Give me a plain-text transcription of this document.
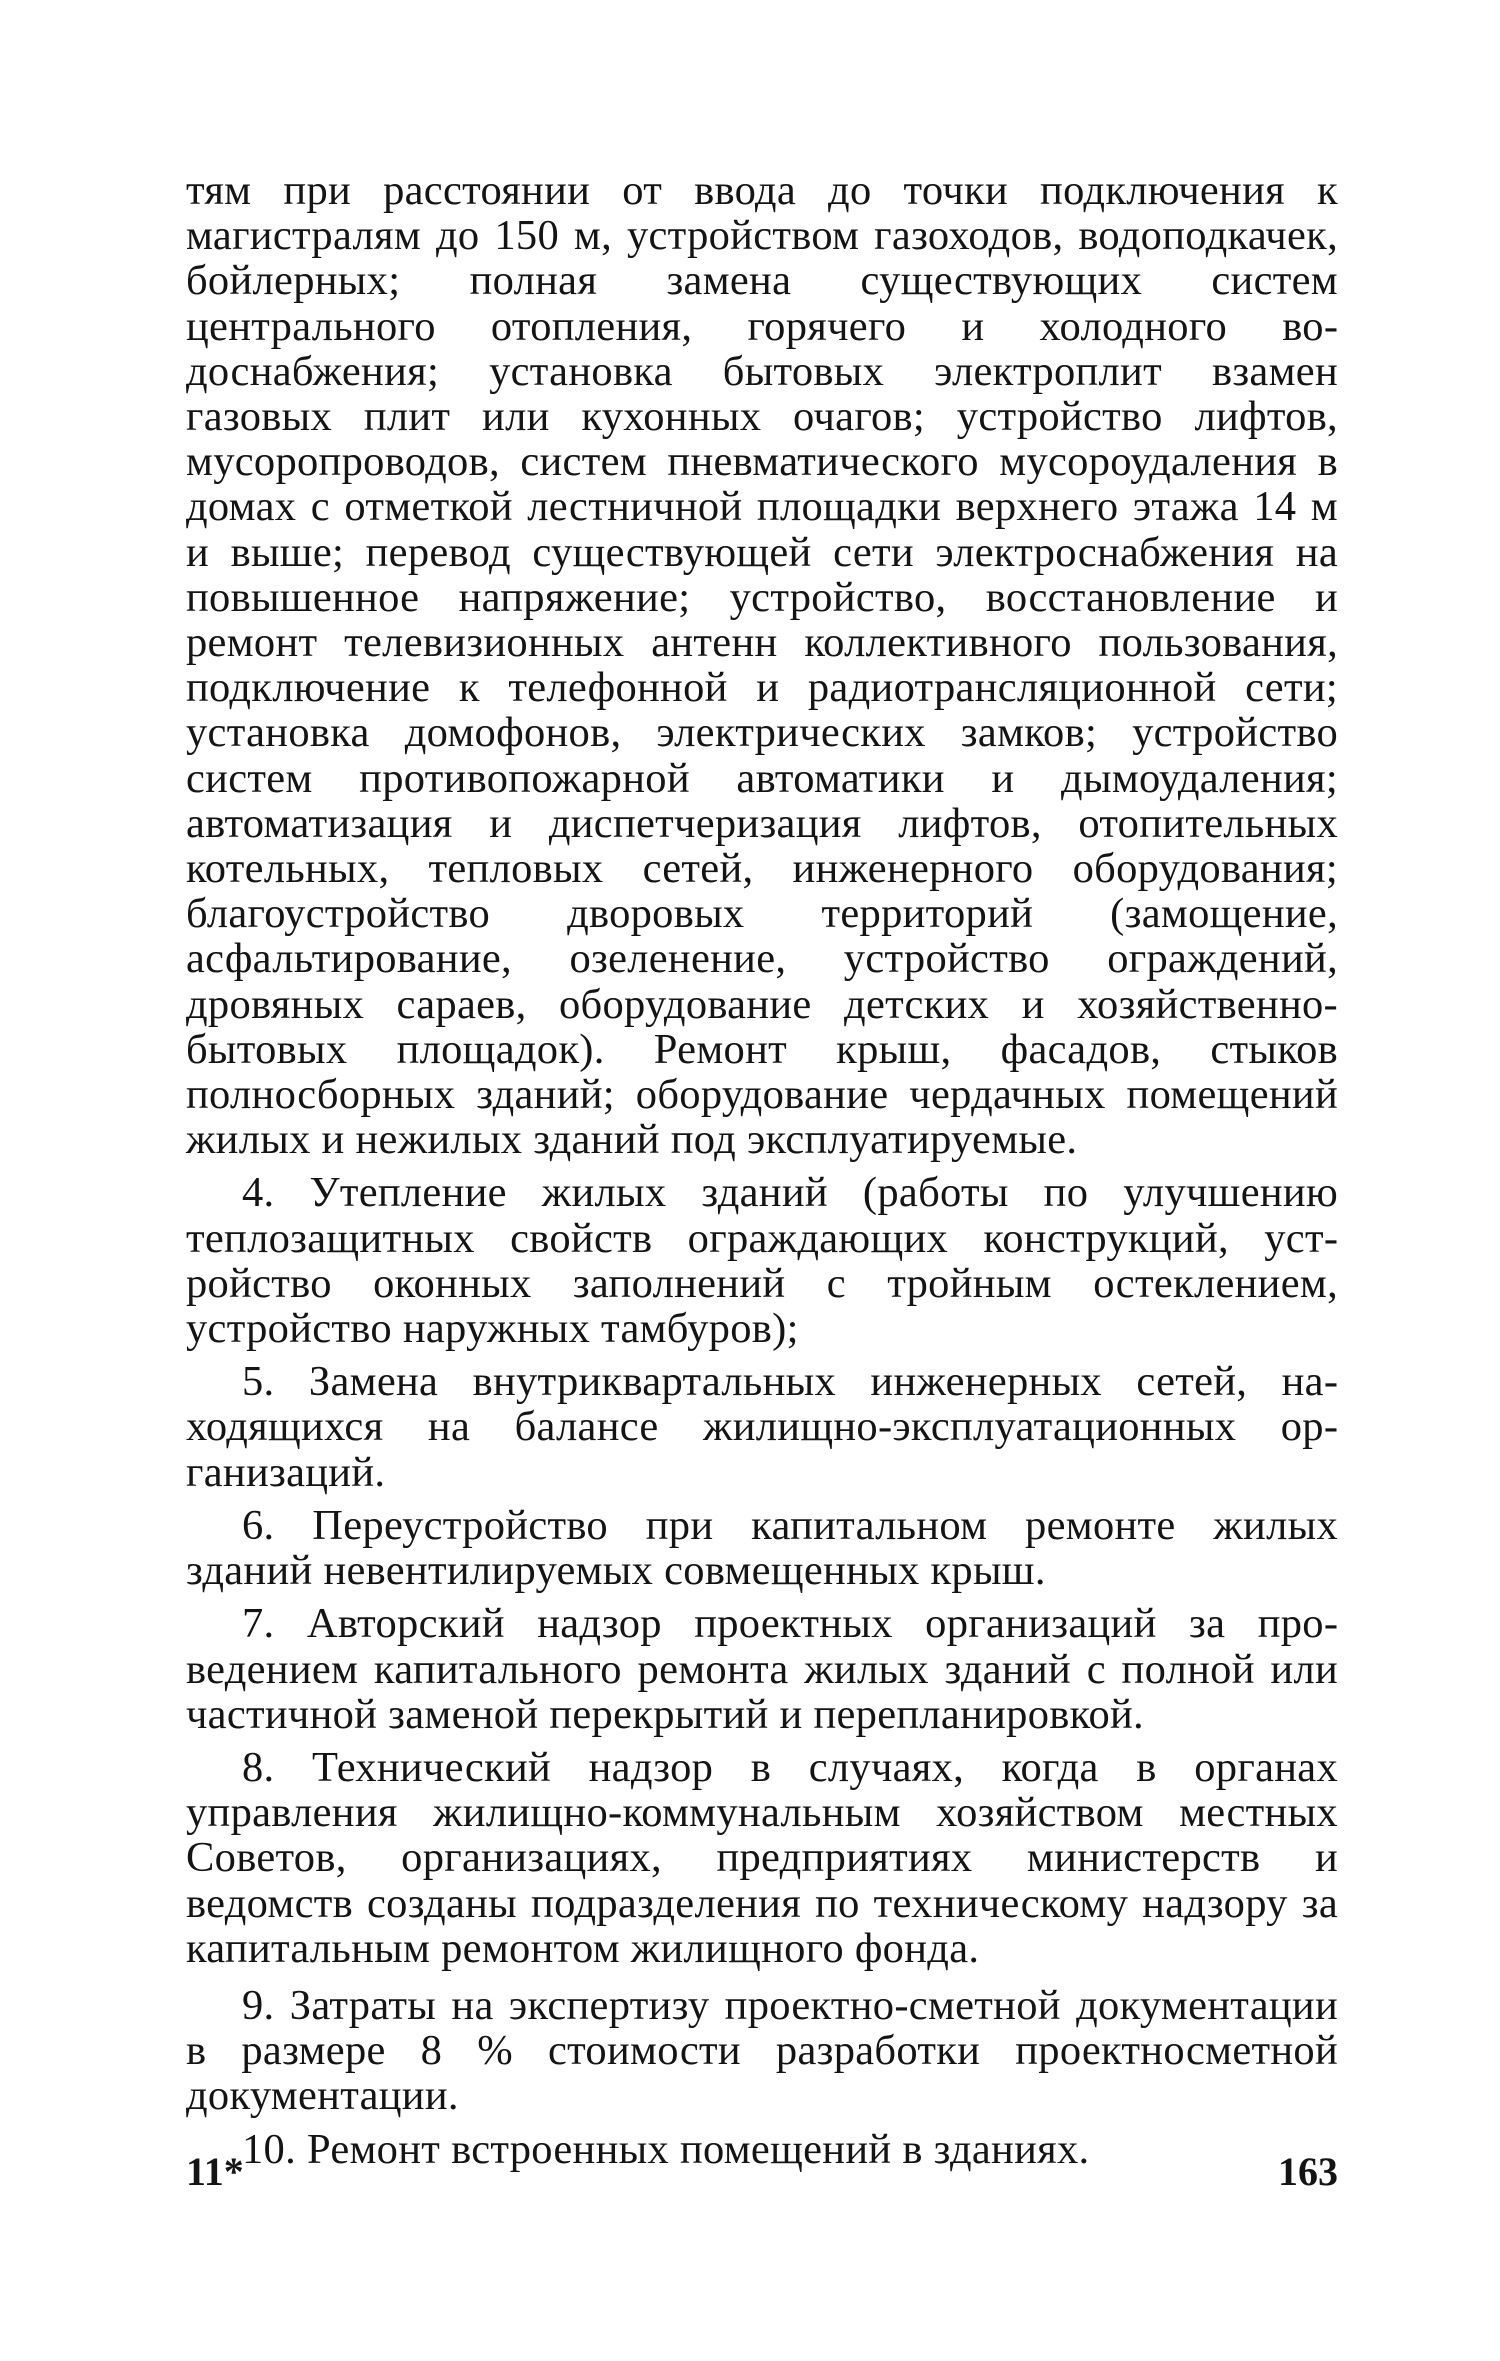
тям при расстоянии от ввода до точки подключения к магистралям до 150 м, устройством газоходов, водоподкачек, бойлерных; полная замена существующих систем центрального отопления, горячего и холодного водоснабжения; установка бытовых электроплит взамен газовых плит или кухонных очагов; устройство лифтов, мусоропроводов, систем пневматического мусороудаления в домах с отметкой лестничной площадки верхнего этажа 14 м и выше; перевод существующей сети электроснабжения на повышенное напряжение; устройство, восстановление и ремонт телевизионных антенн коллективного пользования, подключение к телефонной и радиотрансляционной сети; установка домофонов, электрических замков; устройство систем противопожарной автоматики и дымоудаления; автоматизация и диспетчеризация лифтов, отопительных котельных, тепловых сетей, инженерного оборудования; благоустройство дворовых территорий (замощение, асфальтирование, озеленение, устройство ограждений, дровяных сараев, оборудование детских и хозяйственно-бытовых площадок). Ремонт крыш, фасадов, стыков полносборных зданий; оборудование чердачных помещений жилых и нежилых зданий под эксплуатируемые.

4. Утепление жилых зданий (работы по улучшению теплозащитных свойств ограждающих конструкций, устройство оконных заполнений с тройным остеклением, устройство наружных тамбуров);

5. Замена внутриквартальных инженерных сетей, находящихся на балансе жилищно-эксплуатационных организаций.

6. Переустройство при капитальном ремонте жилых зданий невентилируемых совмещенных крыш.

7. Авторский надзор проектных организаций за проведением капитального ремонта жилых зданий с полной или частичной заменой перекрытий и перепланировкой.

8. Технический надзор в случаях, когда в органах управления жилищно-коммунальным хозяйством местных Советов, организациях, предприятиях министерств и ведомств созданы подразделения по техническому надзору за капитальным ремонтом жилищного фонда.

9. Затраты на экспертизу проектно-сметной документации в размере 8 % стоимости разработки проектносметной документации.

10. Ремонт встроенных помещений в зданиях.

11*	163
